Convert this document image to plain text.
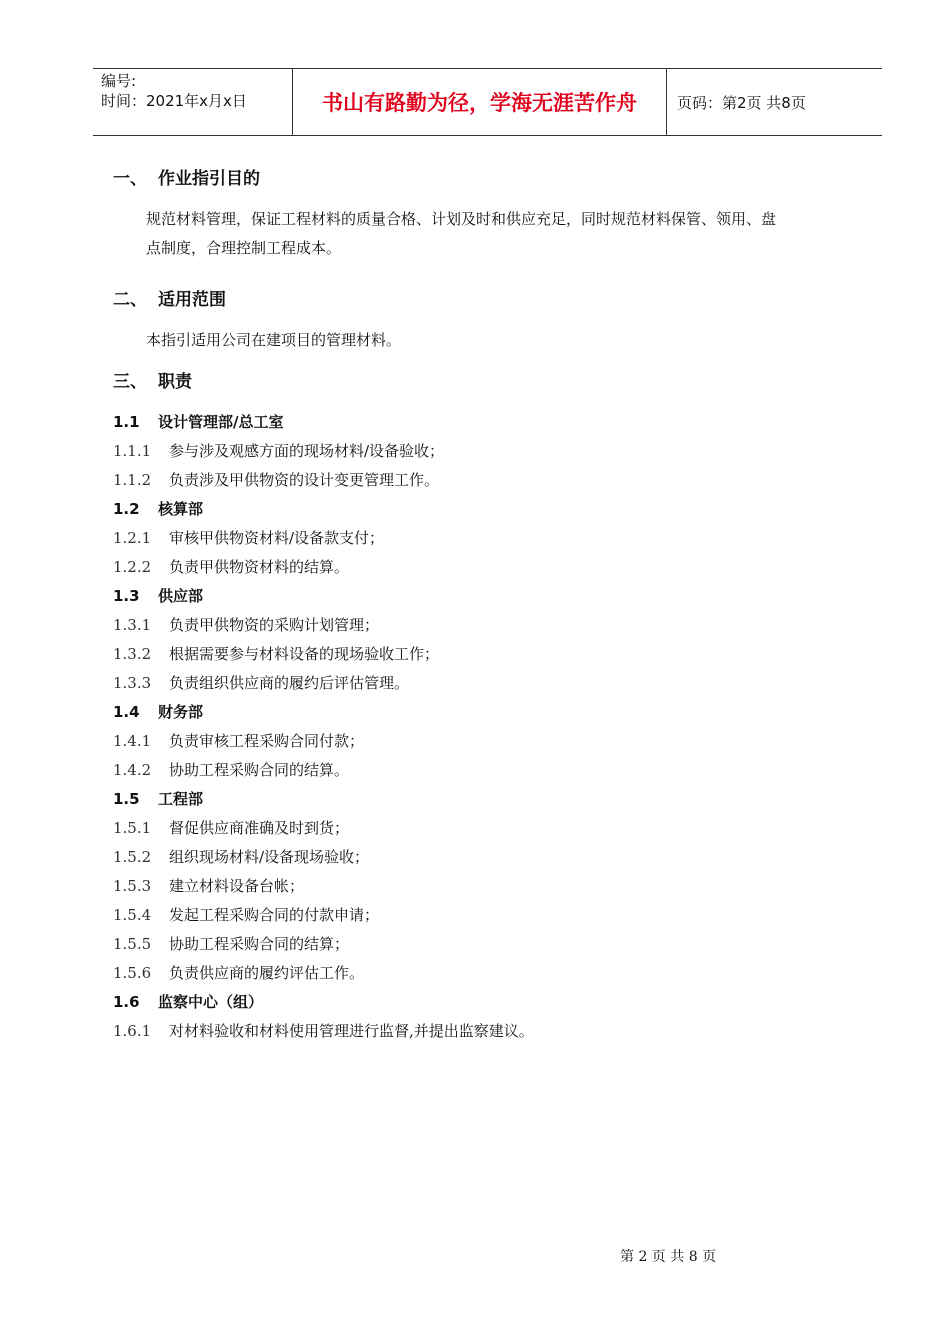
编号:
时间：2021年x月x日	书山有路勤为径，学海无涯苦作舟	页码：第2页 共8页
一、 作业指引目的

规范材料管理，保证工程材料的质量合格、计划及时和供应充足，同时规范材料保管、领用、盘
点制度，合理控制工程成本。

二、 适用范围

本指引适用公司在建项目的管理材料。

三、 职责
1.1 设计管理部/总工室
1.1.1 参与涉及观感方面的现场材料/设备验收；
1.1.2 负责涉及甲供物资的设计变更管理工作。
1.2 核算部
1.2.1 审核甲供物资材料/设备款支付；
1.2.2 负责甲供物资材料的结算。
1.3 供应部
1.3.1 负责甲供物资的采购计划管理；
1.3.2 根据需要参与材料设备的现场验收工作；
1.3.3 负责组织供应商的履约后评估管理。
1.4 财务部
1.4.1 负责审核工程采购合同付款；
1.4.2 协助工程采购合同的结算。
1.5 工程部
1.5.1 督促供应商准确及时到货；
1.5.2 组织现场材料/设备现场验收；
1.5.3 建立材料设备台帐；
1.5.4 发起工程采购合同的付款申请；
1.5.5 协助工程采购合同的结算；
1.5.6 负责供应商的履约评估工作。
1.6 监察中心（组）
1.6.1 对材料验收和材料使用管理进行监督,并提出监察建议。
第 2 页 共 8 页
